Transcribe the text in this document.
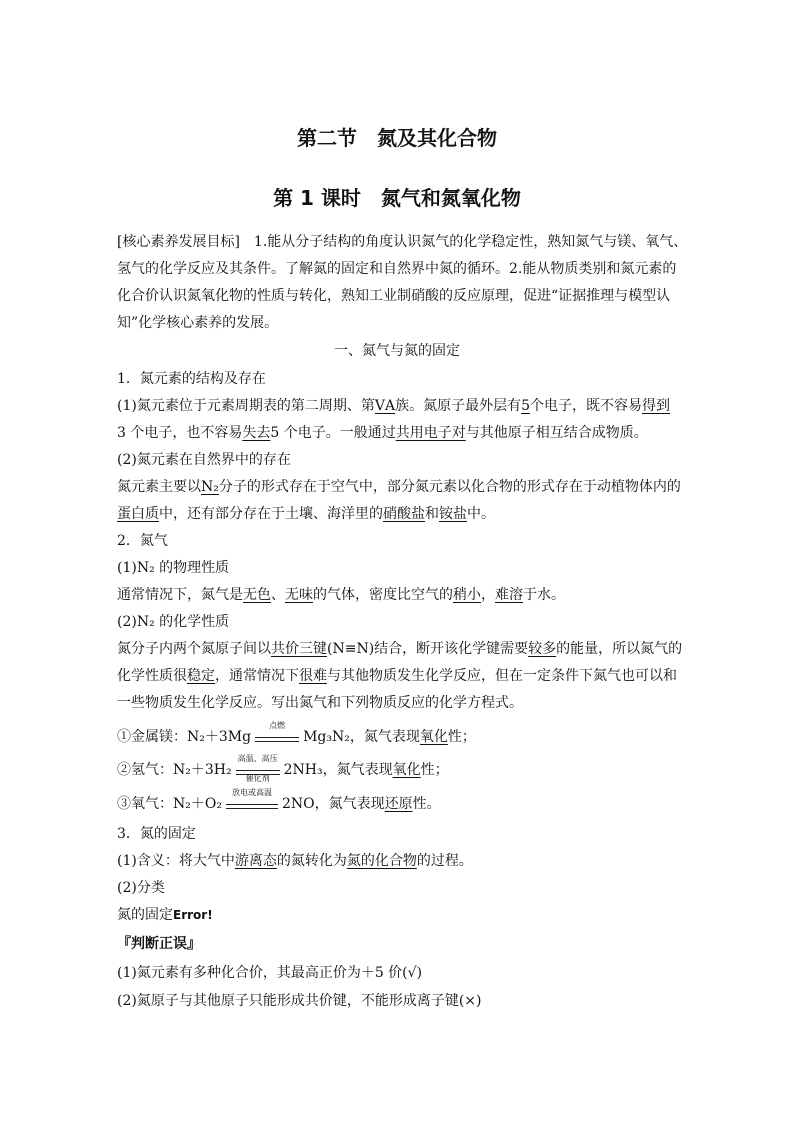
第二节　氮及其化合物
第 1 课时　氮气和氮氧化物
[核心素养发展目标]　1.能从分子结构的角度认识氮气的化学稳定性，熟知氮气与镁、氧气、
氢气的化学反应及其条件。了解氮的固定和自然界中氮的循环。2.能从物质类别和氮元素的
化合价认识氮氧化物的性质与转化，熟知工业制硝酸的反应原理，促进“证据推理与模型认
知”化学核心素养的发展。
一、氮气与氮的固定
1．氮元素的结构及存在
(1)氮元素位于元素周期表的第二周期、第ⅤA族。氮原子最外层有5个电子，既不容易得到
3 个电子，也不容易失去5 个电子。一般通过共用电子对与其他原子相互结合成物质。
(2)氮元素在自然界中的存在
氮元素主要以N₂分子的形式存在于空气中，部分氮元素以化合物的形式存在于动植物体内的
蛋白质中，还有部分存在于土壤、海洋里的硝酸盐和铵盐中。
2．氮气
(1)N₂ 的物理性质
通常情况下，氮气是无色、无味的气体，密度比空气的稍小，难溶于水。
(2)N₂ 的化学性质
氮分子内两个氮原子间以共价三键(N≡N)结合，断开该化学键需要较多的能量，所以氮气的
化学性质很稳定，通常情况下很难与其他物质发生化学反应，但在一定条件下氮气也可以和
一些物质发生化学反应。写出氮气和下列物质反应的化学方程式。
①金属镁：N₂＋3Mg
点燃
Mg₃N₂，氮气表现氧化性；
②氢气：N₂＋3H₂
高温、高压
催化剂
2NH₃，氮气表现氧化性；
③氧气：N₂＋O₂
放电或高温
2NO，氮气表现还原性。
3．氮的固定
(1)含义：将大气中游离态的氮转化为氮的化合物的过程。
(2)分类
氮的固定Error!
『判断正误』
(1)氮元素有多种化合价，其最高正价为＋5 价(√)
(2)氮原子与其他原子只能形成共价键，不能形成离子键(×)
